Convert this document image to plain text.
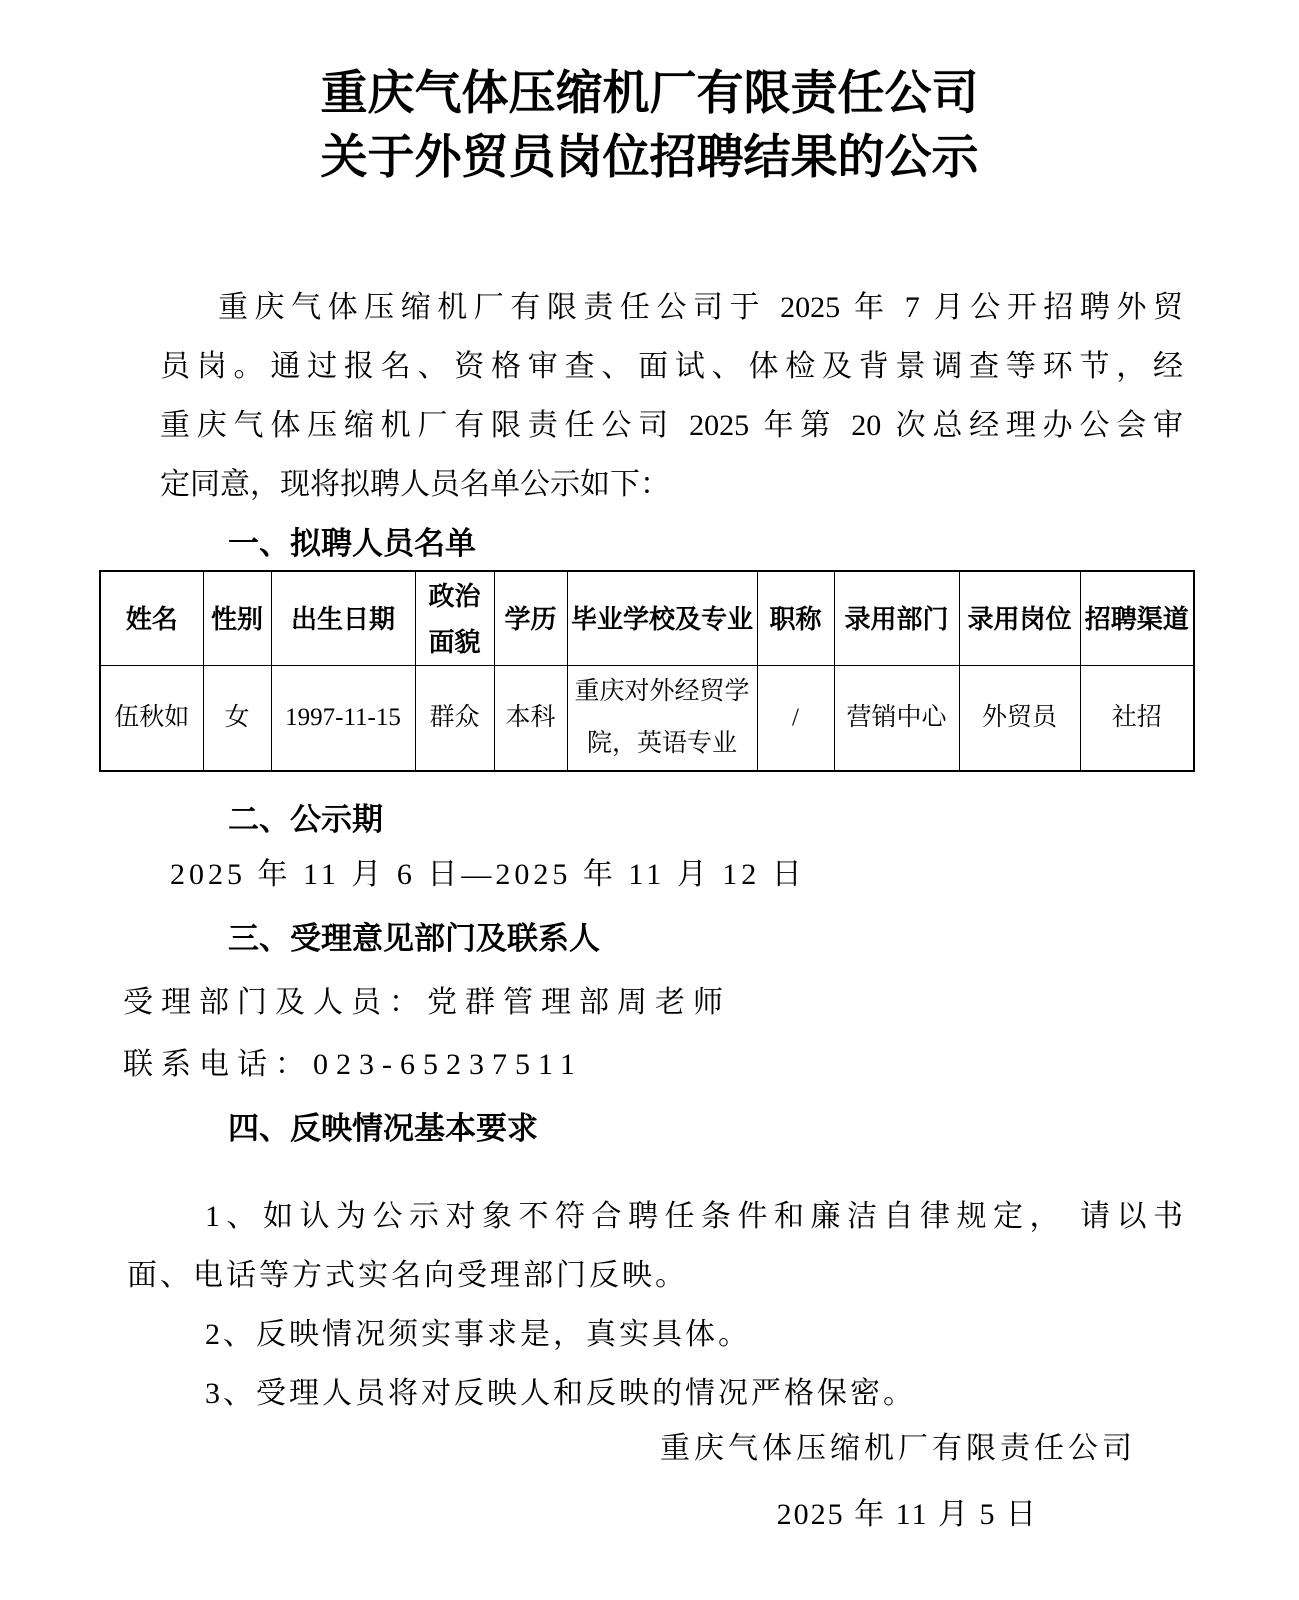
重庆气体压缩机厂有限责任公司
关于外贸员岗位招聘结果的公示
重庆气体压缩机厂有限责任公司于 2025 年 7 月公开招聘外贸
员岗。通过报名、资格审查、面试、体检及背景调查等环节，经
重庆气体压缩机厂有限责任公司 2025 年第 20 次总经理办公会审
定同意，现将拟聘人员名单公示如下：
一、拟聘人员名单
姓名	性别	出生日期	政治面貌	学历	毕业学校及专业	职称	录用部门	录用岗位	招聘渠道
伍秋如	女	1997-11-15	群众	本科	重庆对外经贸学院，英语专业	/	营销中心	外贸员	社招
二、公示期
2025 年 11 月 6 日—2025 年 11 月 12 日
三、受理意见部门及联系人
受理部门及人员：党群管理部周老师
联系电话：023-65237511
四、反映情况基本要求
1、如认为公示对象不符合聘任条件和廉洁自律规定， 请以书
面、电话等方式实名向受理部门反映。
2、反映情况须实事求是，真实具体。
3、受理人员将对反映人和反映的情况严格保密。
重庆气体压缩机厂有限责任公司
2025 年 11 月 5 日
